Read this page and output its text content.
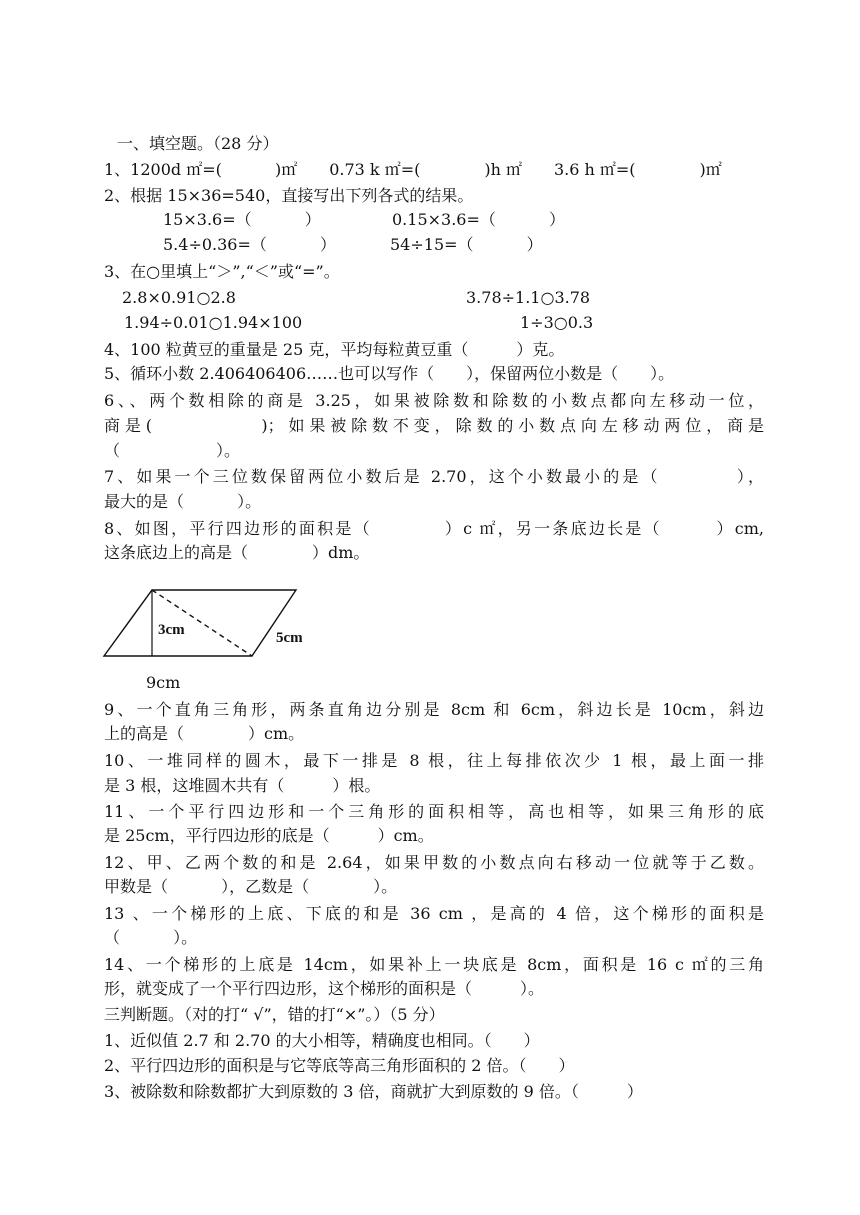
一、填空题。（28 分）
1、1200d ㎡=(　　　 )㎡　　0.73 k ㎡=(　　　　)h ㎡　　3.6 h ㎡=(　　　　)㎡
2、根据 15×36=540，直接写出下列各式的结果。
15×3.6=（　　　 ）	0.15×3.6=（　　　 ）
5.4÷0.36=（　　　 ）	54÷15=（　　　 ）
3、在○里填上“＞”,“＜”或“=”。
2.8×0.91○2.8	3.78÷1.1○3.78
1.94÷0.01○1.94×100	1÷3○0.3
4、100 粒黄豆的重量是 25 克，平均每粒黄豆重（　　　）克。
5、循环小数 2.406406406……也可以写作（　　），保留两位小数是（　　）。
6、、两个数相除的商是 3.25，如果被除数和除数的小数点都向左移动一位，
商是(　　　　　)；如果被除数不变，除数的小数点向左移动两位，商是
（　　　　　　）。
7、如果一个三位数保留两位小数后是 2.70，这个小数最小的是（　　　　），
最大的是（　　　 ）。
8、如图，平行四边形的面积是（　　　　）c ㎡，另一条底边长是（　　　）cm,
这条底边上的高是（　　　　）dm。
3cm	5cm
9cm
9、一个直角三角形，两条直角边分别是 8cm 和 6cm，斜边长是 10cm，斜边
上的高是（　　　　）cm。
10、一堆同样的圆木，最下一排是 8 根，往上每排依次少 1 根，最上面一排
是 3 根，这堆圆木共有（　　　）根。
11、一个平行四边形和一个三角形的面积相等，高也相等，如果三角形的底
是 25cm，平行四边形的底是（　　　）cm。
12、甲、乙两个数的和是 2.64，如果甲数的小数点向右移动一位就等于乙数。
甲数是（　　　 ），乙数是（　　　　）。
13 、一个梯形的上底、下底的和是 36 cm ，是高的 4 倍，这个梯形的面积是
（　　　 ）。
14、一个梯形的上底是 14cm，如果补上一块底是 8cm，面积是 16 c ㎡的三角
形，就变成了一个平行四边形，这个梯形的面积是（　　　）。
三判断题。（对的打“ √”，错的打“×”。）（5 分）
1、近似值 2.7 和 2.70 的大小相等，精确度也相同。（　　）
2、平行四边形的面积是与它等底等高三角形面积的 2 倍。（　　）
3、被除数和除数都扩大到原数的 3 倍，商就扩大到原数的 9 倍。（　　　）
